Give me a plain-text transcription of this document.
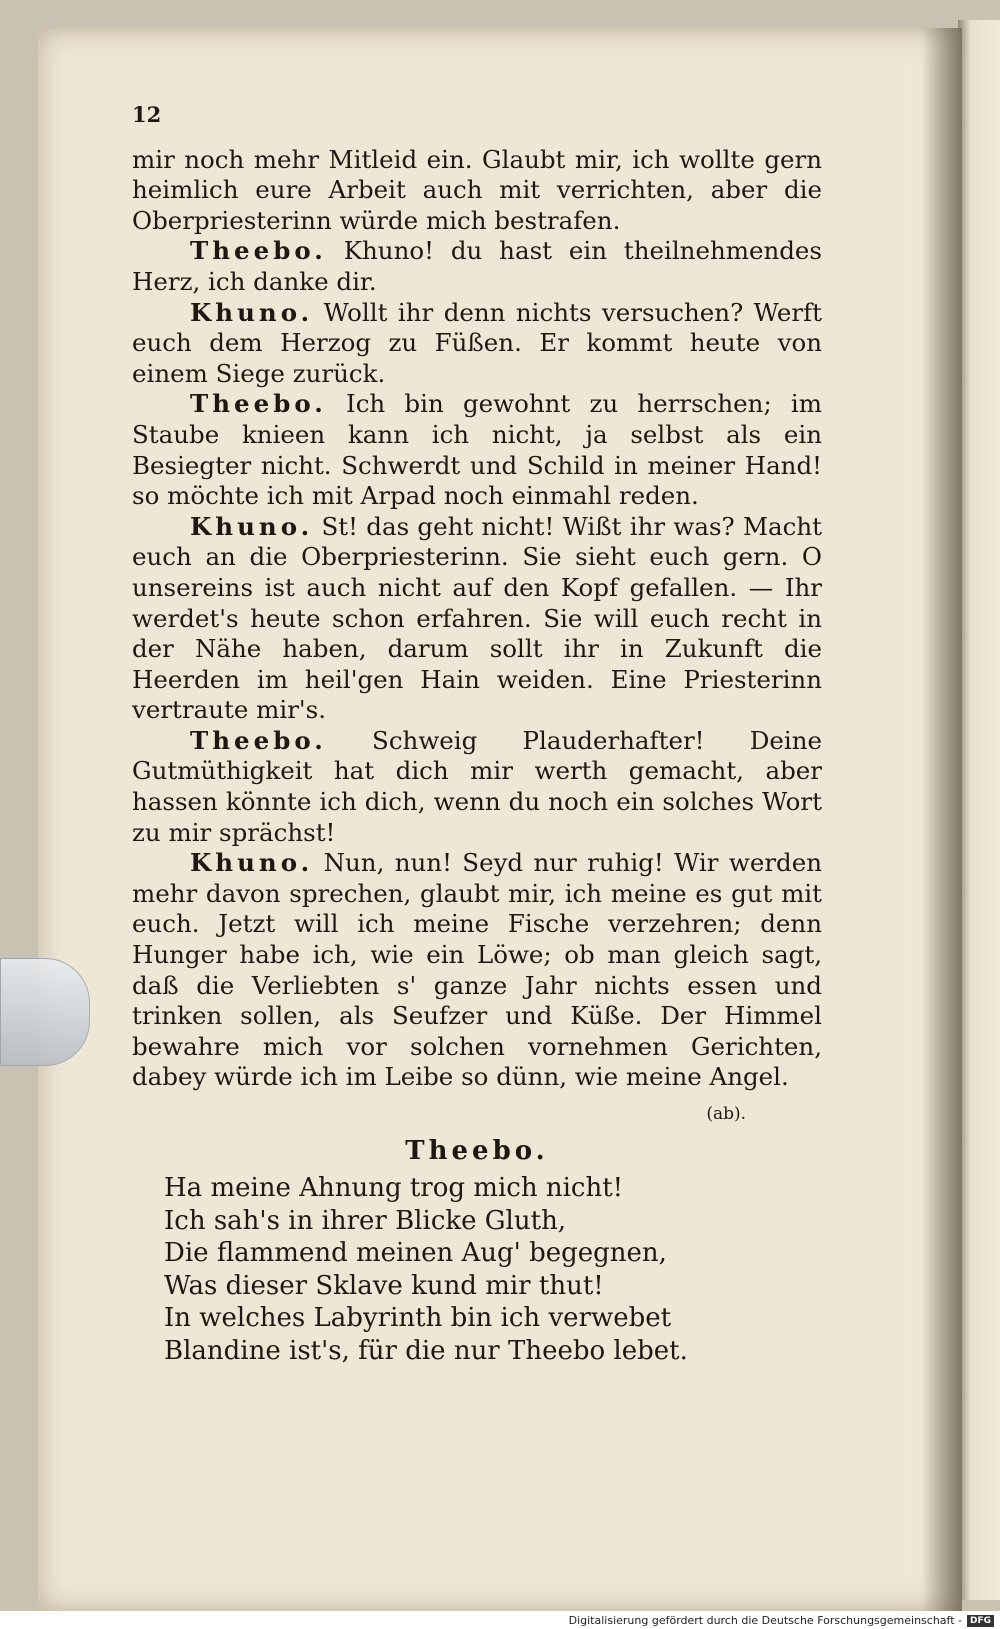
12

mir noch mehr Mitleid ein. Glaubt mir, ich wollte gern heimlich eure Arbeit auch mit verrichten, aber die Oberpriesterinn würde mich bestrafen.

Theebo. Khuno! du hast ein theilnehmendes Herz, ich danke dir.

Khuno. Wollt ihr denn nichts versuchen? Werft euch dem Herzog zu Füßen. Er kommt heute von einem Siege zurück.

Theebo. Ich bin gewohnt zu herrschen; im Staube knieen kann ich nicht, ja selbst als ein Besiegter nicht. Schwerdt und Schild in meiner Hand! so möchte ich mit Arpad noch einmahl reden.

Khuno. St! das geht nicht! Wißt ihr was? Macht euch an die Oberpriesterinn. Sie sieht euch gern. O unsereins ist auch nicht auf den Kopf gefallen. — Ihr werdet's heute schon erfahren. Sie will euch recht in der Nähe haben, darum sollt ihr in Zukunft die Heerden im heil'gen Hain weiden. Eine Priesterinn vertraute mir's.

Theebo. Schweig Plauderhafter! Deine Gutmüthigkeit hat dich mir werth gemacht, aber hassen könnte ich dich, wenn du noch ein solches Wort zu mir sprächst!

Khuno. Nun, nun! Seyd nur ruhig! Wir werden mehr davon sprechen, glaubt mir, ich meine es gut mit euch. Jetzt will ich meine Fische verzehren; denn Hunger habe ich, wie ein Löwe; ob man gleich sagt, daß die Verliebten s' ganze Jahr nichts essen und trinken sollen, als Seufzer und Küße. Der Himmel bewahre mich vor solchen vornehmen Gerichten, dabey würde ich im Leibe so dünn, wie meine Angel.

(ab).
Theebo.
Ha meine Ahnung trog mich nicht!
Ich sah's in ihrer Blicke Gluth,
Die flammend meinen Aug' begegnen,
Was dieser Sklave kund mir thut!
In welches Labyrinth bin ich verwebet
Blandine ist's, für die nur Theebo lebet.
Digitalisierung gefördert durch die Deutsche Forschungsgemeinschaft - DFG
